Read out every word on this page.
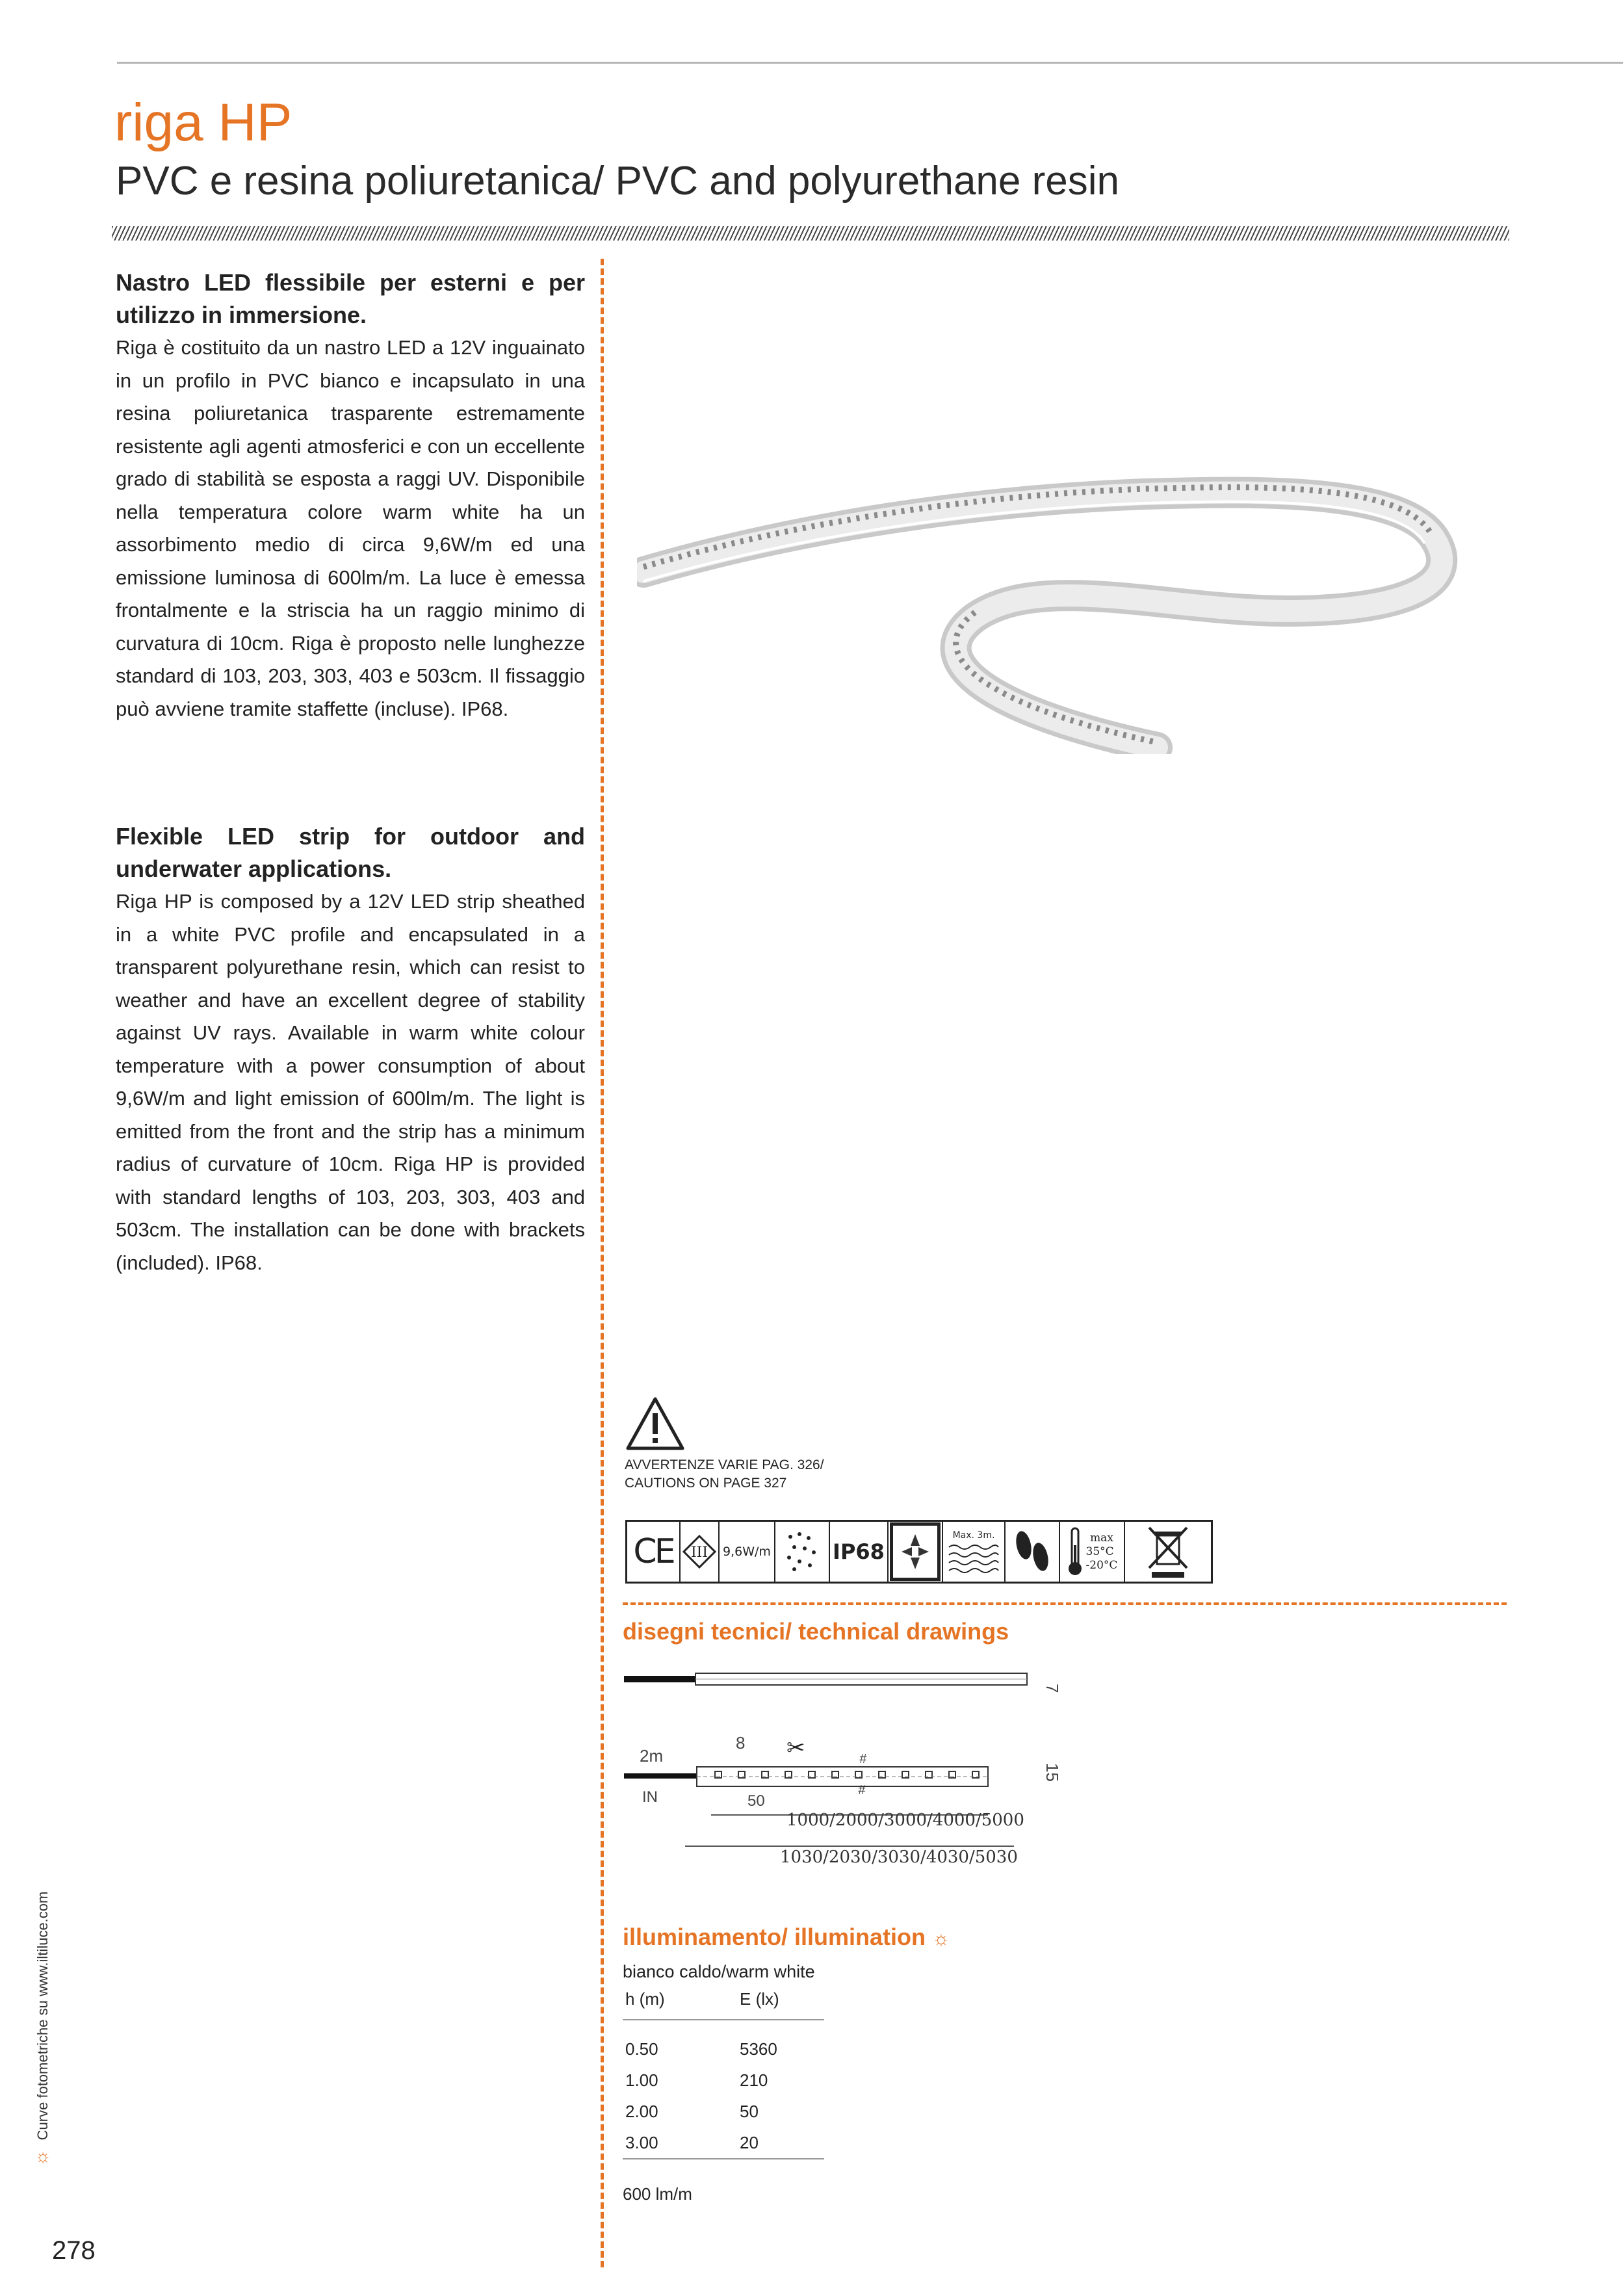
riga HP
PVC e resina poliuretanica/ PVC and polyurethane resin

Nastro LED flessibile per esterni e per utilizzo in immersione.

Riga è costituito da un nastro LED a 12V inguainato in un profilo in PVC bianco e incapsulato in una resina poliuretanica trasparente estremamente resistente agli agenti atmosferici e con un eccellente grado di stabilità se esposta a raggi UV. Disponibile nella temperatura colore warm white ha un assorbimento medio di circa 9,6W/m ed una emissione luminosa di 600lm/m. La luce è emessa frontalmente e la striscia ha un raggio minimo di curvatura di 10cm. Riga è proposto nelle lunghezze standard di 103, 203, 303, 403 e 503cm. Il fissaggio può avviene tramite staffette (incluse). IP68.

Flexible LED strip for outdoor and underwater applications.

Riga HP is composed by a 12V LED strip sheathed in a white PVC profile and encapsulated in a transparent polyurethane resin, which can resist to weather and have an excellent degree of stability against UV rays. Available in warm white colour temperature with a power consumption of about 9,6W/m and light emission of 600lm/m. The light is emitted from the front and the strip has a minimum radius of curvature of 10cm. Riga HP is provided with standard lengths of 103, 203, 303, 403 and 503cm. The installation can be done with brackets (included). IP68.

AVVERTENZE VARIE PAG. 326/
CAUTIONS ON PAGE 327
CE III 9,6W/m	IP68
Max. 3m.	max
35°C
-20°C
disegni tecnici/ technical drawings
7
2m
IN
8 ✂	#
#
50
15
1000/2000/3000/4000/5000
1030/2030/3030/4030/5030
illuminamento/ illumination ☼
bianco caldo/warm white
h (m)	E (lx)
0.50	5360
1.00	210
2.00	50
3.00	20
600 lm/m
☼
Curve fotometriche su www.iltiluce.com
278
